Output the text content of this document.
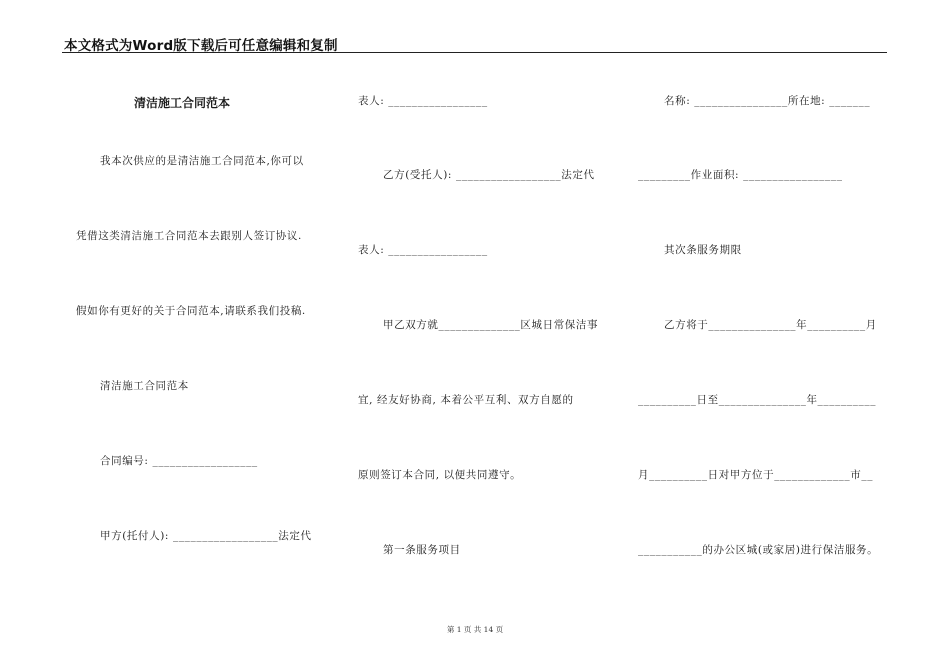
本文格式为Word版下载后可任意编辑和复制
清洁施工合同范本
我本次供应的是清洁施工合同范本,你可以
凭借这类清洁施工合同范本去跟别人签订协议.
假如你有更好的关于合同范本,请联系我们投稿.
清洁施工合同范本
合同编号: __________________
甲方(托付人): __________________法定代
表人: _________________
乙方(受托人): __________________法定代
表人: _________________
甲乙双方就______________区城日常保洁事
宜, 经友好协商, 本着公平互利、双方自愿的
原则签订本合同, 以便共同遵守。
第一条服务项目
名称: ________________所在地: _______
_________作业面积: _________________
其次条服务期限
乙方将于_______________年__________月
__________日至_______________年__________
月__________日对甲方位于_____________市__
___________的办公区城(或家居)进行保洁服务。
第 1 页 共 14 页
